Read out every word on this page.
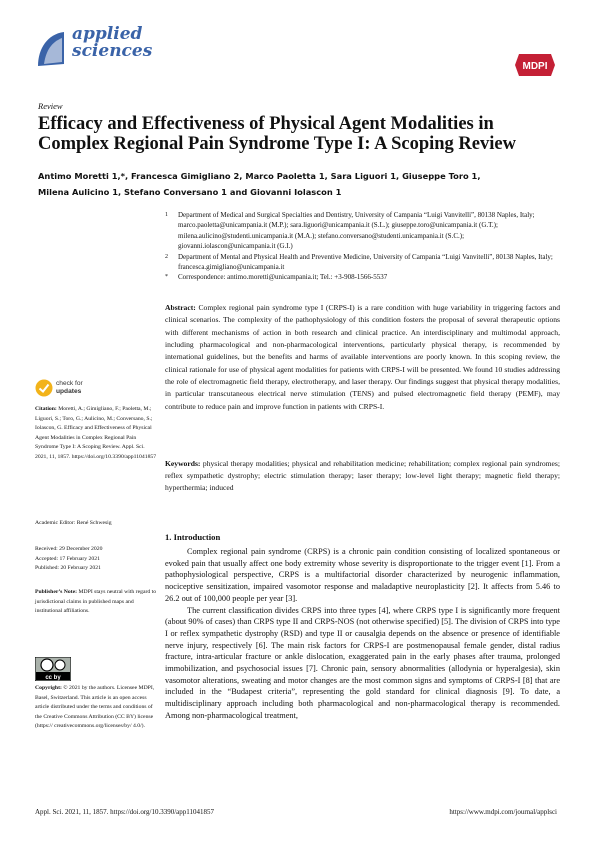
applied
sciences
MDPI
Review
Efficacy and Effectiveness of Physical Agent Modalities in Complex Regional Pain Syndrome Type I: A Scoping Review
Antimo Moretti 1,*, Francesca Gimigliano 2, Marco Paoletta 1, Sara Liguori 1, Giuseppe Toro 1,
Milena Aulicino 1, Stefano Conversano 1 and Giovanni Iolascon 1
1 Department of Medical and Surgical Specialties and Dentistry, University of Campania “Luigi Vanvitelli”, 80138 Naples, Italy; marco.paoletta@unicampania.it (M.P.); sara.liguori@unicampania.it (S.L.); giuseppe.toro@unicampania.it (G.T.); milena.aulicino@studenti.unicampania.it (M.A.); stefano.conversano@studenti.unicampania.it (S.C.); giovanni.iolascon@unicampania.it (G.I.)
2 Department of Mental and Physical Health and Preventive Medicine, University of Campania “Luigi Vanvitelli”, 80138 Naples, Italy; francesca.gimigliano@unicampania.it
* Correspondence: antimo.moretti@unicampania.it; Tel.: +3-908-1566-5537
Abstract: Complex regional pain syndrome type I (CRPS-I) is a rare condition with huge variability in triggering factors and clinical scenarios. The complexity of the pathophysiology of this condition fosters the proposal of several therapeutic options with different mechanisms of action in both research and clinical practice. An interdisciplinary and multimodal approach, including pharmacological and non-pharmacological interventions, particularly physical therapy, is recommended by international guidelines, but the benefits and harms of available interventions are poorly known. In this scoping review, the clinical rationale for use of physical agent modalities for patients with CRPS-I will be presented. We found 10 studies addressing the role of electromagnetic field therapy, electrotherapy, and laser therapy. Our findings suggest that physical therapy modalities, in particular transcutaneous electrical nerve stimulation (TENS) and pulsed electromagnetic field therapy (PEMF), may contribute to reduce pain and improve function in patients with CRPS-I.
Keywords: physical therapy modalities; physical and rehabilitation medicine; rehabilitation; complex regional pain syndromes; reflex sympathetic dystrophy; electric stimulation therapy; laser therapy; low-level light therapy; magnetic field therapy; hyperthermia; induced
check for
updates
Citation: Moretti, A.; Gimigliano, F.; Paoletta, M.; Liguori, S.; Toro, G.; Aulicino, M.; Conversano, S.; Iolascon, G. Efficacy and Effectiveness of Physical Agent Modalities in Complex Regional Pain Syndrome Type I: A Scoping Review. Appl. Sci. 2021, 11, 1857. https://doi.org/10.3390/app11041857
Academic Editor: René Schwesig
Received: 29 December 2020
Accepted: 17 February 2021
Published: 20 February 2021
Publisher’s Note: MDPI stays neutral with regard to jurisdictional claims in published maps and institutional affiliations.
cc by
Copyright: © 2021 by the authors. Licensee MDPI, Basel, Switzerland. This article is an open access article distributed under the terms and conditions of the Creative Commons Attribution (CC BY) license (https:// creativecommons.org/licenses/by/ 4.0/).
1. Introduction

Complex regional pain syndrome (CRPS) is a chronic pain condition consisting of localized spontaneous or evoked pain that usually affect one body extremity whose severity is disproportionate to the trigger event [1]. From a pathophysiological perspective, CRPS is a multifactorial disorder characterized by neurogenic inflammation, nociceptive sensitization, impaired vasomotor response and maladaptive neuroplasticity [2]. It affects from 5.46 to 26.2 out of 100,000 people per year [3].

The current classification divides CRPS into three types [4], where CRPS type I is significantly more frequent (about 90% of cases) than CRPS type II and CRPS-NOS (not otherwise specified) [5]. The division of CRPS into type I or reflex sympathetic dystrophy (RSD) and type II or causalgia depends on the absence or presence of identifiable nerve injury, respectively [6]. The main risk factors for CRPS-I are postmenopausal female gender, distal radius fracture, intra-articular fracture or ankle dislocation, exaggerated pain in the early phases after trauma, prolonged immobilization, and psychosocial issues [7]. Chronic pain, sensory abnormalities (allodynia or hyperalgesia), skin vasomotor alterations, sweating and motor changes are the most common signs and symptoms of CRPS-I [8] that are included in the “Budapest criteria”, representing the gold standard for clinical diagnosis [9]. To date, a multidisciplinary approach including both pharmacological and non-pharmacological therapy is recommended. Among non-pharmacological treatment,

Appl. Sci. 2021, 11, 1857. https://doi.org/10.3390/app11041857	https://www.mdpi.com/journal/applsci
